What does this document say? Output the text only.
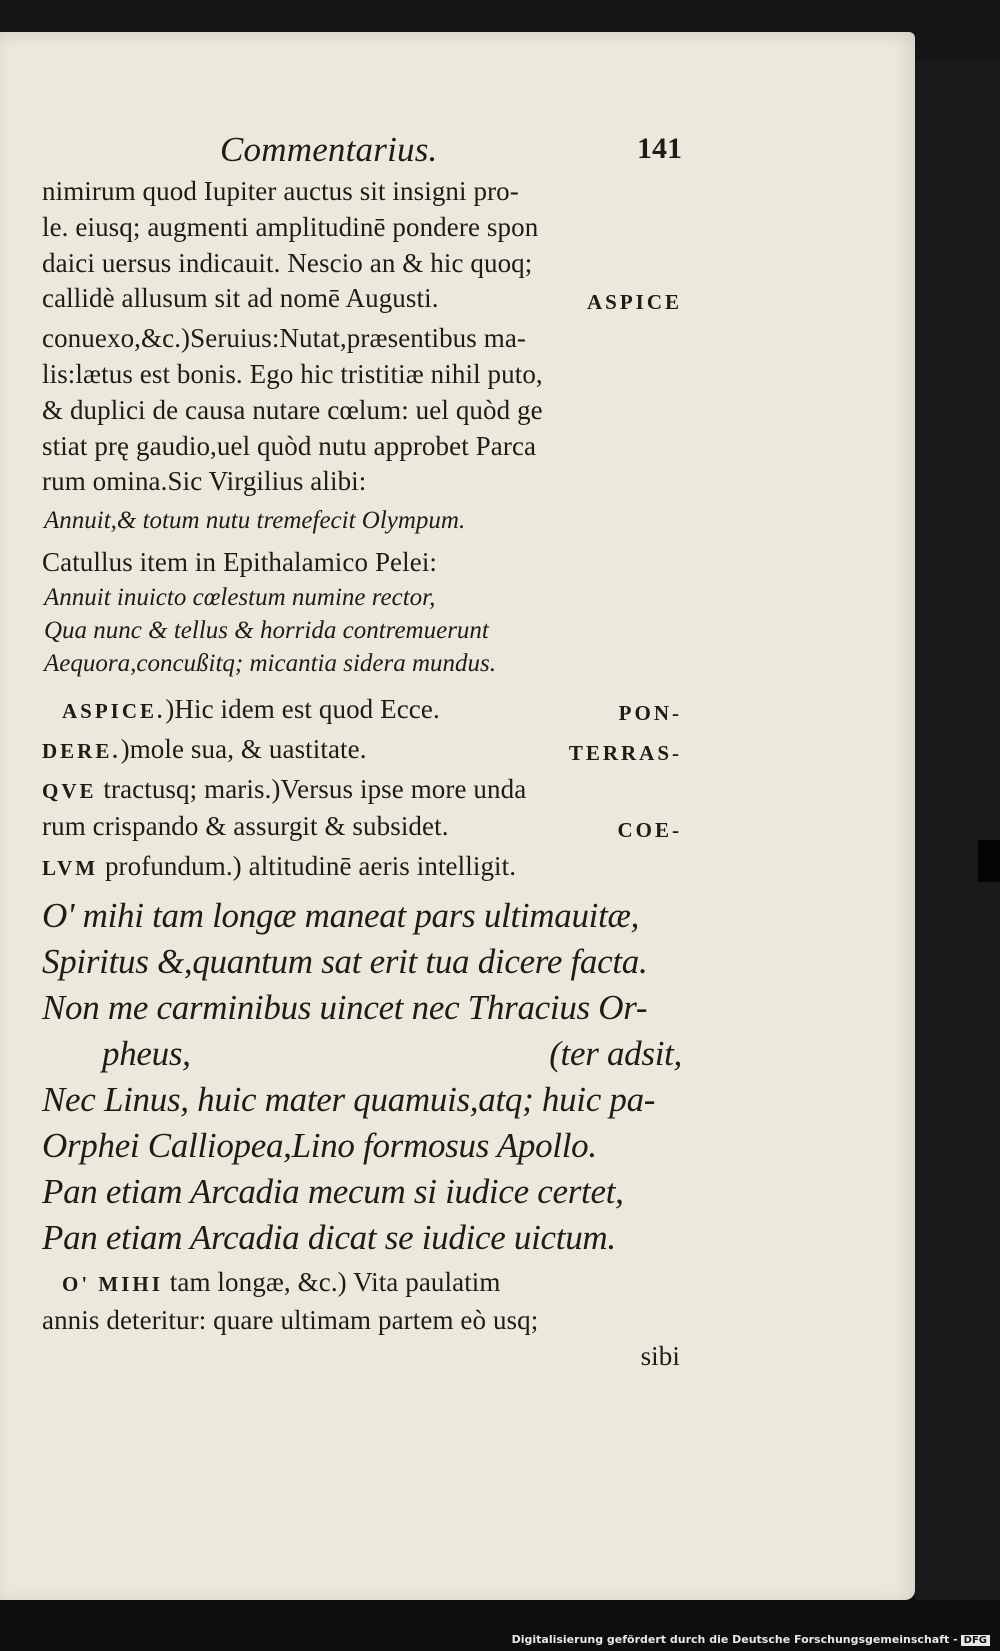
Commentarius.	141
nimirum quod Iupiter auctus sit insigni pro-
le. eiusq; augmenti amplitudinē pondere spon
daici uersus indicauit. Nescio an & hic quoq;
callidè allusum sit ad nomē Augusti.	ASPICE
conuexo,&c.)Seruius:Nutat,præsentibus ma-
lis:lætus est bonis. Ego hic tristitiæ nihil puto,
& duplici de causa nutare cœlum: uel quòd ge
stiat prę gaudio,uel quòd nutu approbet Parca
rum omina.Sic Virgilius alibi:
Annuit,& totum nutu tremefecit Olympum.
Catullus item in Epithalamico Pelei:
Annuit inuicto cœlestum numine rector,
Qua nunc & tellus & horrida contremuerunt
Aequora,concußitq; micantia sidera mundus.
ASPICE.)Hic idem est quod Ecce.	PON-
DERE.)mole sua, & uastitate.	TERRAS-
QVE tractusq; maris.)Versus ipse more unda
rum crispando & assurgit & subsidet.	COE-
LVM profundum.) altitudinē aeris intelligit.
O' mihi tam longæ maneat pars ultimauitæ,
Spiritus &,quantum sat erit tua dicere facta.
Non me carminibus uincet nec Thracius Or-
pheus,	(ter adsit,
Nec Linus, huic mater quamuis,atq; huic pa-
Orphei Calliopea,Lino formosus Apollo.
Pan etiam Arcadia mecum si iudice certet,
Pan etiam Arcadia dicat se iudice uictum.
O' MIHI tam longæ, &c.) Vita paulatim
annis deteritur: quare ultimam partem eò usq;
sibi
Digitalisierung gefördert durch die Deutsche Forschungsgemeinschaft - DFG
